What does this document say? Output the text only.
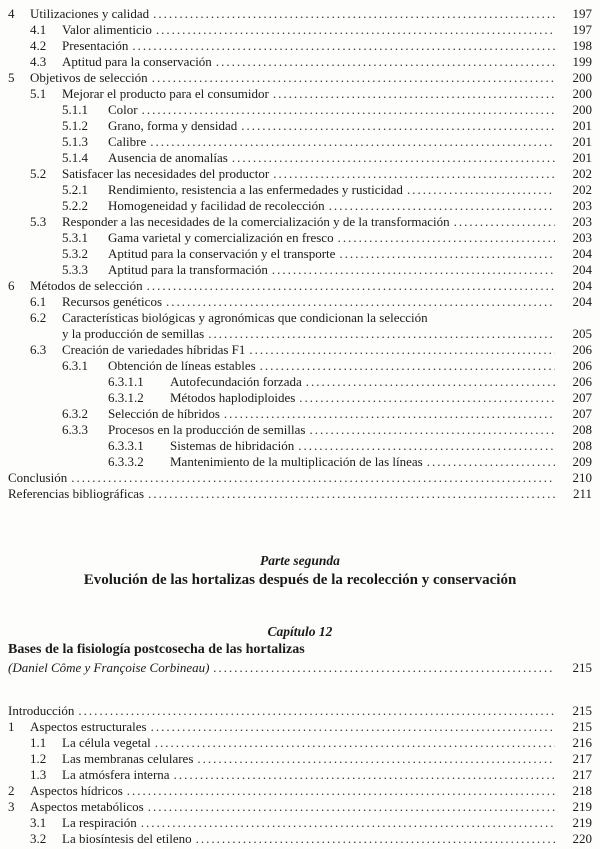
4	Utilizaciones y calidad .....	197
4.1	Valor alimenticio .....	197
4.2	Presentación .....	198
4.3	Aptitud para la conservación .....	199
5	Objetivos de selección .....	200
5.1	Mejorar el producto para el consumidor .....	200
5.1.1	Color .....	200
5.1.2	Grano, forma y densidad .....	201
5.1.3	Calibre .....	201
5.1.4	Ausencia de anomalías .....	201
5.2	Satisfacer las necesidades del productor .....	202
5.2.1	Rendimiento, resistencia a las enfermedades y rusticidad .....	202
5.2.2	Homogeneidad y facilidad de recolección .....	203
5.3	Responder a las necesidades de la comercialización y de la transformación .....	203
5.3.1	Gama varietal y comercialización en fresco .....	203
5.3.2	Aptitud para la conservación y el transporte .....	204
5.3.3	Aptitud para la transformación .....	204
6	Métodos de selección .....	204
6.1	Recursos genéticos .....	204
6.2	Características biológicas y agronómicas que condicionan la selección
y la producción de semillas .....	205
6.3	Creación de variedades híbridas F1 .....	206
6.3.1	Obtención de líneas estables .....	206
6.3.1.1	Autofecundación forzada .....	206
6.3.1.2	Métodos haplodiploides .....	207
6.3.2	Selección de híbridos .....	207
6.3.3	Procesos en la producción de semillas .....	208
6.3.3.1	Sistemas de hibridación .....	208
6.3.3.2	Mantenimiento de la multiplicación de las líneas .....	209
Conclusión .....	210
Referencias bibliográficas .....	211
Parte segunda
Evolución de las hortalizas después de la recolección y conservación
Capítulo 12
Bases de la fisiología postcosecha de las hortalizas
(Daniel Côme y Françoise Corbineau) .....	215
Introducción .....	215
1	Aspectos estructurales .....	215
1.1	La célula vegetal .....	216
1.2	Las membranas celulares .....	217
1.3	La atmósfera interna .....	217
2	Aspectos hídricos .....	218
3	Aspectos metabólicos .....	219
3.1	La respiración .....	219
3.2	La biosíntesis del etileno .....	220
